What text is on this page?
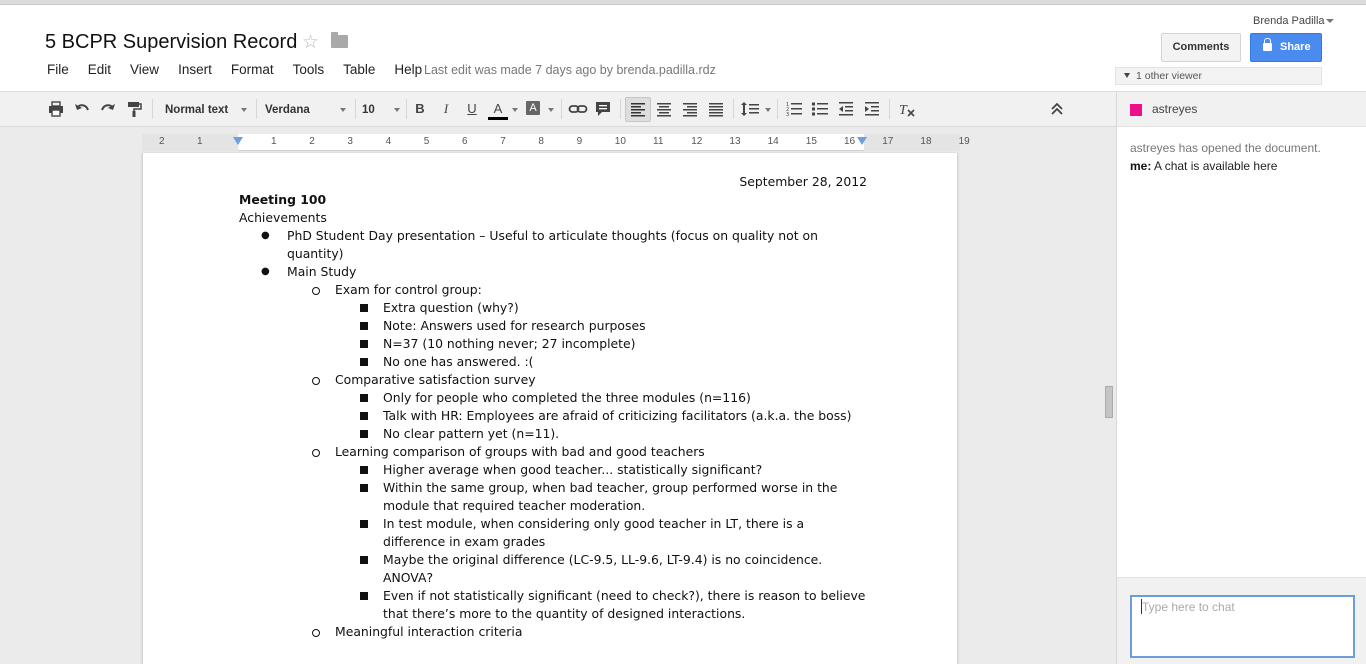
5 BCPR Supervision Record ☆
File Edit View Insert Format Tools Table Help Last edit was made 7 days ago by brenda.padilla.rdz
Brenda Padilla
Comments	Share
1 other viewer
Normal text	Verdana	10	B	I	U	A	A	1
2
3	T
2	1	1	2	3	4	5	6	7	8	9	10	11	12	13	14	15	16	17	18	19
September 28, 2012
Meeting 100
Achievements
● PhD Student Day presentation – Useful to articulate thoughts (focus on quality not on quantity)
● Main Study
Exam for control group:
Extra question (why?)
Note: Answers used for research purposes
N=37 (10 nothing never; 27 incomplete)
No one has answered. :(
Comparative satisfaction survey
Only for people who completed the three modules (n=116)
Talk with HR: Employees are afraid of criticizing facilitators (a.k.a. the boss)
No clear pattern yet (n=11).
Learning comparison of groups with bad and good teachers
Higher average when good teacher... statistically significant?
Within the same group, when bad teacher, group performed worse in the module that required teacher moderation.
In test module, when considering only good teacher in LT, there is a difference in exam grades
Maybe the original difference (LC-9.5, LL-9.6, LT-9.4) is no coincidence. ANOVA?
Even if not statistically significant (need to check?), there is reason to believe that there’s more to the quantity of designed interactions.
Meaningful interaction criteria
astreyes
astreyes has opened the document.
me: A chat is available here
Type here to chat
